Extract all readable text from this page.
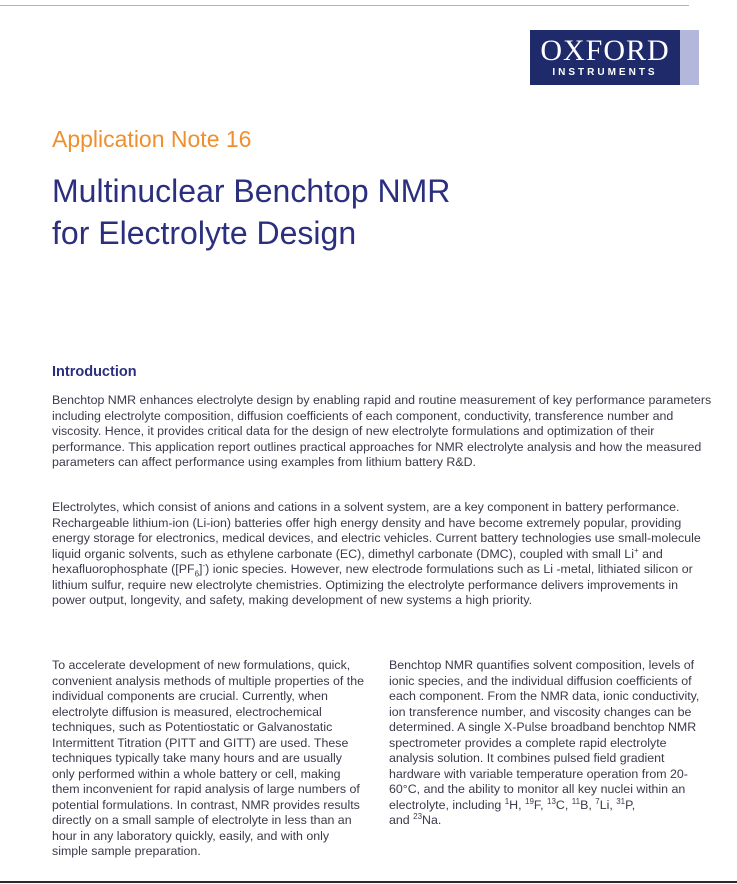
OXFORD
INSTRUMENTS
Application Note 16
Multinuclear Benchtop NMR
for Electrolyte Design
Introduction

Benchtop NMR enhances electrolyte design by enabling rapid and routine measurement of key performance parameters including electrolyte composition, diffusion coefficients of each component, conductivity, transference number and viscosity. Hence, it provides critical data for the design of new electrolyte formulations and optimization of their performance. This application report outlines practical approaches for NMR electrolyte analysis and how the measured parameters can affect performance using examples from lithium battery R&D.

Electrolytes, which consist of anions and cations in a solvent system, are a key component in battery performance. Rechargeable lithium-ion (Li-ion) batteries offer high energy density and have become extremely popular, providing energy storage for electronics, medical devices, and electric vehicles. Current battery technologies use small-molecule liquid organic solvents, such as ethylene carbonate (EC), dimethyl carbonate (DMC), coupled with small Li+ and hexafluorophosphate $([PF_6]^-)$ ionic species. However, new electrode formulations such as Li -metal, lithiated silicon or lithium sulfur, require new electrolyte chemistries. Optimizing the electrolyte performance delivers improvements in power output, longevity, and safety, making development of new systems a high priority.

To accelerate development of new formulations, quick, convenient analysis methods of multiple properties of the individual components are crucial. Currently, when electrolyte diffusion is measured, electrochemical techniques, such as Potentiostatic or Galvanostatic Intermittent Titration (PITT and GITT) are used. These techniques typically take many hours and are usually only performed within a whole battery or cell, making them inconvenient for rapid analysis of large numbers of potential formulations. In contrast, NMR provides results directly on a small sample of electrolyte in less than an hour in any laboratory quickly, easily, and with only simple sample preparation.
Benchtop NMR quantifies solvent composition, levels of ionic species, and the individual diffusion coefficients of each component. From the NMR data, ionic conductivity, ion transference number, and viscosity changes can be determined. A single X-Pulse broadband benchtop NMR spectrometer provides a complete rapid electrolyte analysis solution. It combines pulsed field gradient hardware with variable temperature operation from 20-60°C, and the ability to monitor all key nuclei within an electrolyte, including $^1$H, $^{19}$F, $^{13}$C, $^{11}$B, $^7$Li, $^{31}$P,
and $^{23}$Na.
